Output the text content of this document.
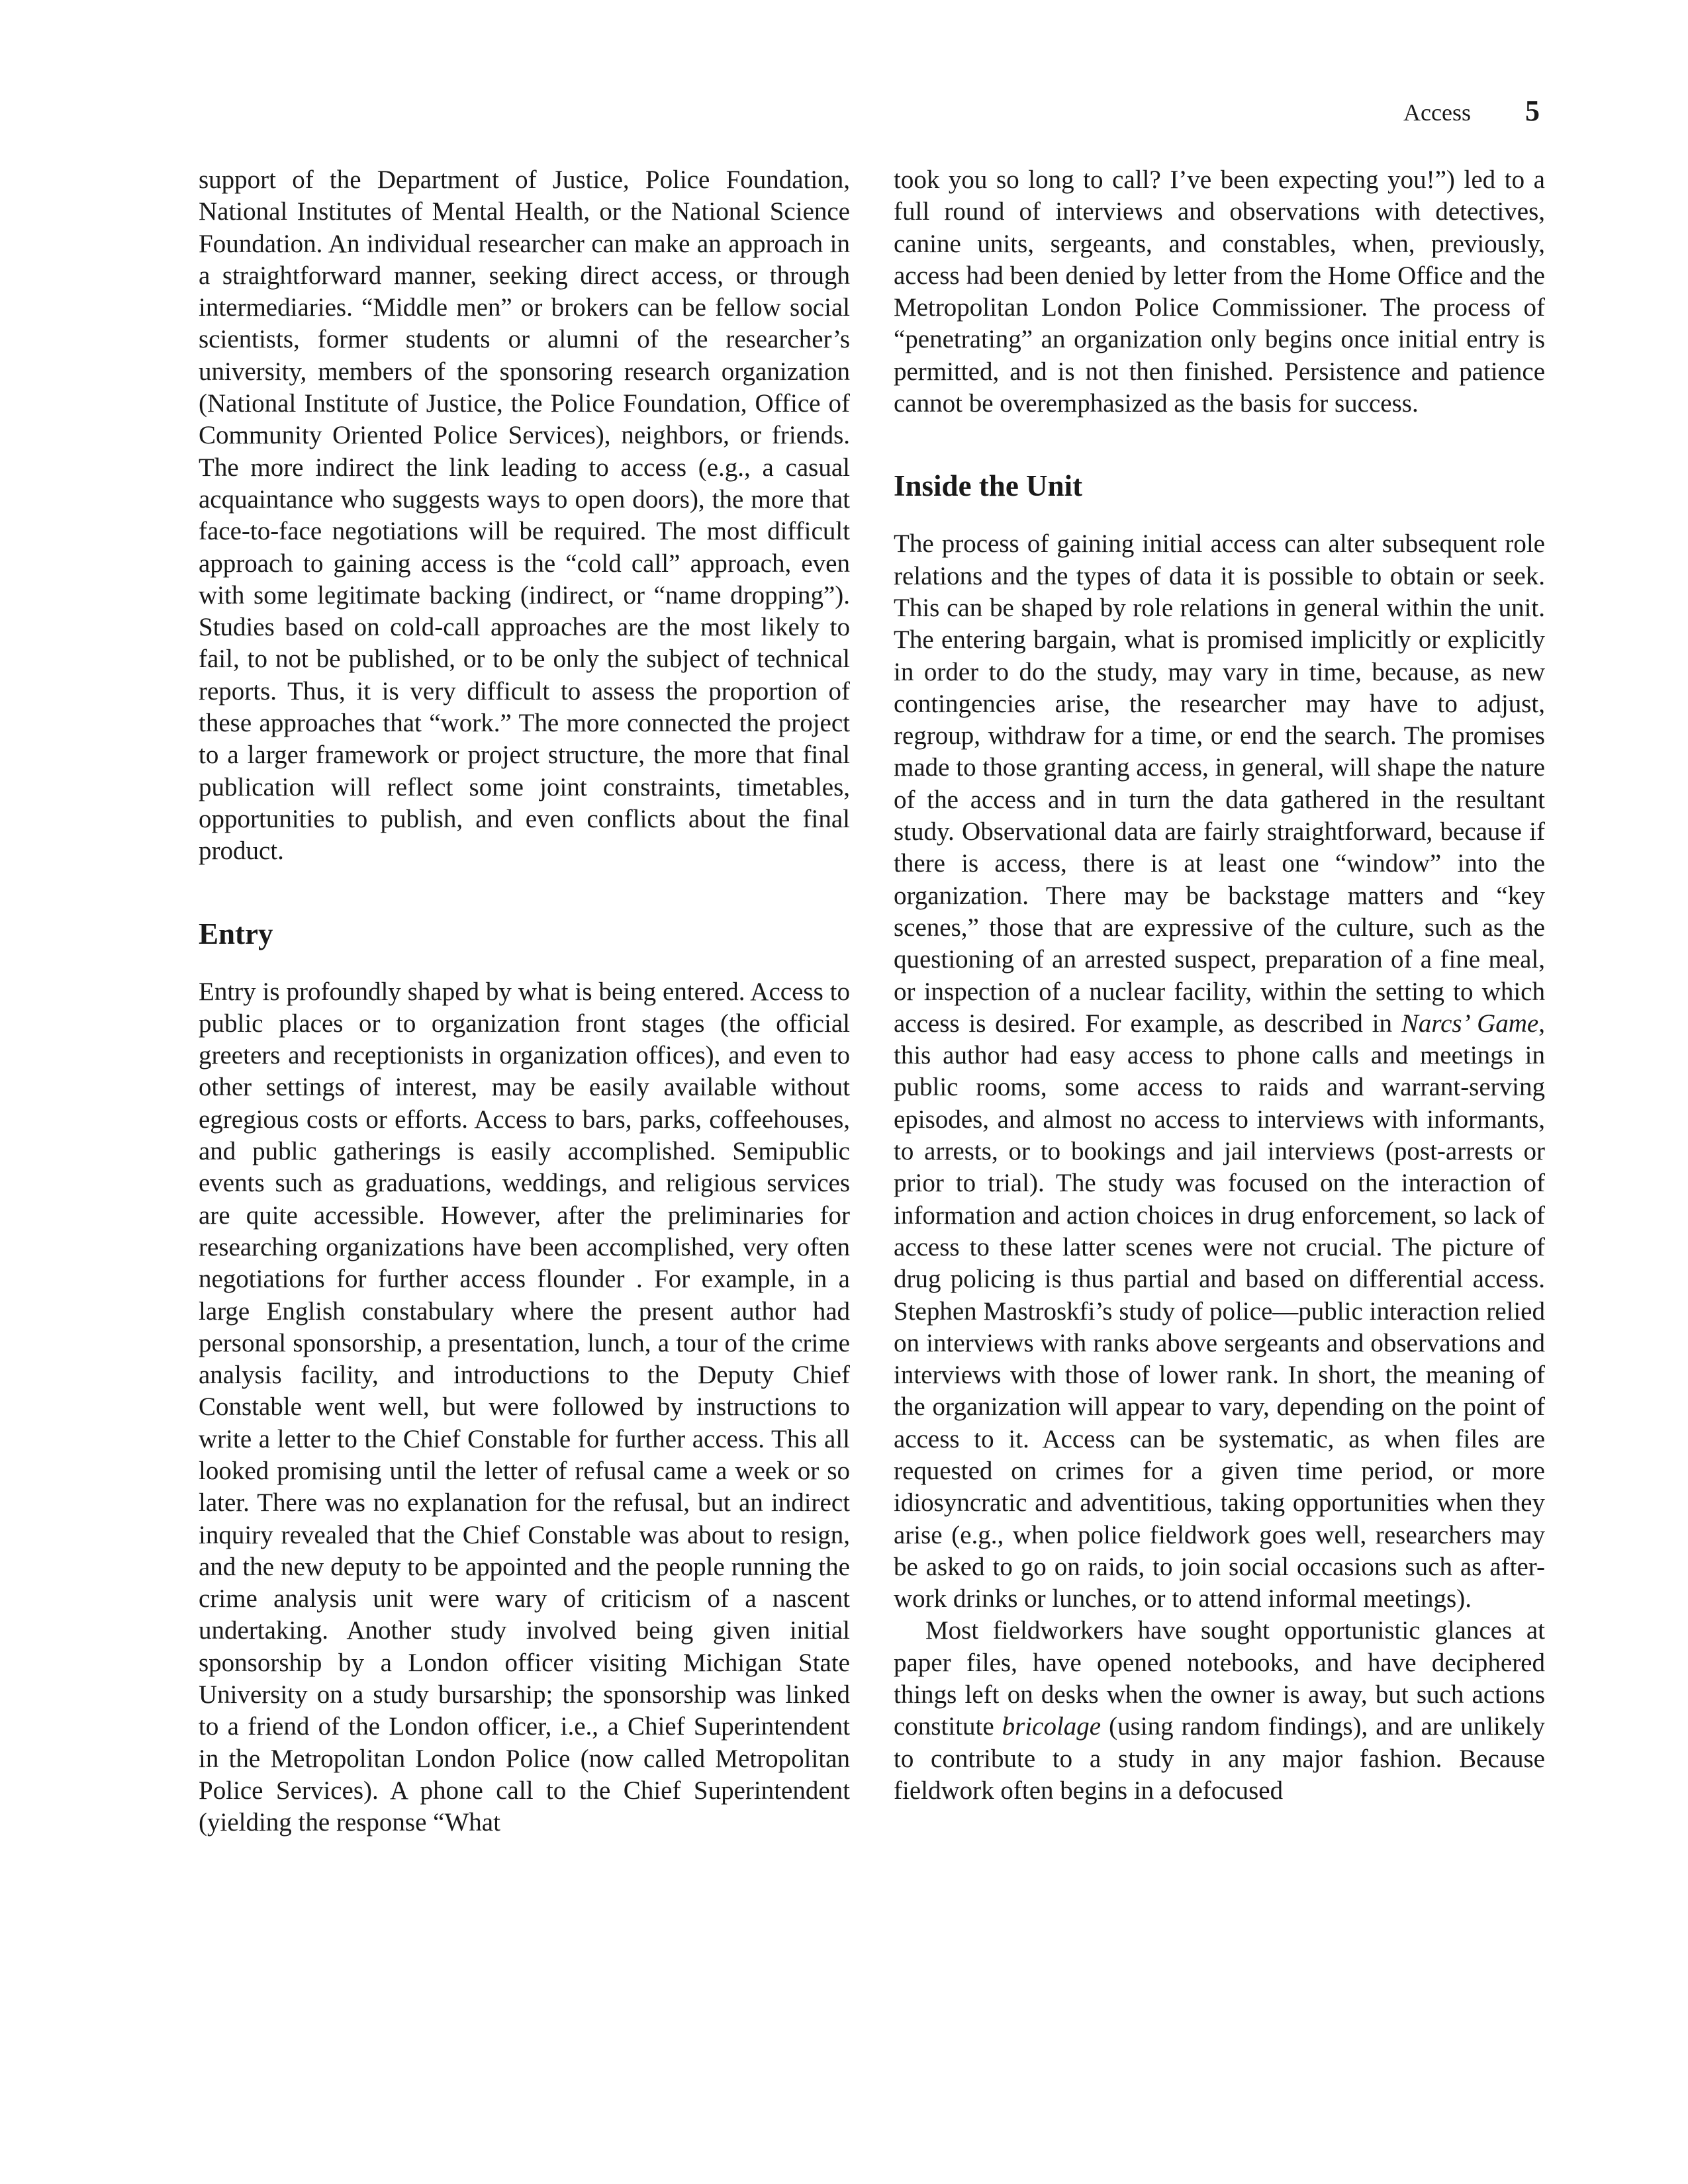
Access 5

support of the Department of Justice, Police Foundation, National Institutes of Mental Health, or the National Science Foundation. An individual researcher can make an approach in a straightforward manner, seeking direct access, or through intermediaries. “Middle men” or brokers can be fellow social scientists, former students or alumni of the researcher’s university, members of the sponsoring research organization (National Institute of Justice, the Police Foundation, Office of Community Oriented Police Services), neighbors, or friends. The more indirect the link leading to access (e.g., a casual acquaintance who suggests ways to open doors), the more that face-to-face negotiations will be required. The most difficult approach to gaining access is the “cold call” approach, even with some legitimate backing (indirect, or “name dropping”). Studies based on cold-call approaches are the most likely to fail, to not be published, or to be only the subject of technical reports. Thus, it is very difficult to assess the proportion of these approaches that “work.” The more connected the project to a larger framework or project structure, the more that final publication will reflect some joint constraints, timetables, opportunities to publish, and even conflicts about the final product.

Entry

Entry is profoundly shaped by what is being entered. Access to public places or to organization front stages (the official greeters and receptionists in organization offices), and even to other settings of interest, may be easily available without egregious costs or efforts. Access to bars, parks, coffeehouses, and public gatherings is easily accomplished. Semipublic events such as graduations, weddings, and religious services are quite accessible. However, after the preliminaries for researching organizations have been accomplished, very often negotiations for further access flounder . For example, in a large English constabulary where the present author had personal sponsorship, a presentation, lunch, a tour of the crime analysis facility, and introductions to the Deputy Chief Constable went well, but were followed by instructions to write a letter to the Chief Constable for further access. This all looked promising until the letter of refusal came a week or so later. There was no explanation for the refusal, but an indirect inquiry revealed that the Chief Constable was about to resign, and the new deputy to be appointed and the people running the crime analysis unit were wary of criticism of a nascent undertaking. Another study involved being given initial sponsorship by a London officer visiting Michigan State University on a study bursarship; the sponsorship was linked to a friend of the London officer, i.e., a Chief Superintendent in the Metropolitan London Police (now called Metropolitan Police Services). A phone call to the Chief Superintendent (yielding the response “What

took you so long to call? I’ve been expecting you!”) led to a full round of interviews and observations with detectives, canine units, sergeants, and constables, when, previously, access had been denied by letter from the Home Office and the Metropolitan London Police Commissioner. The process of “penetrating” an organization only begins once initial entry is permitted, and is not then finished. Persistence and patience cannot be overemphasized as the basis for success.

Inside the Unit

The process of gaining initial access can alter subsequent role relations and the types of data it is possible to obtain or seek. This can be shaped by role relations in general within the unit. The entering bargain, what is promised implicitly or explicitly in order to do the study, may vary in time, because, as new contingencies arise, the researcher may have to adjust, regroup, withdraw for a time, or end the search. The promises made to those granting access, in general, will shape the nature of the access and in turn the data gathered in the resultant study. Observational data are fairly straightforward, because if there is access, there is at least one “window” into the organization. There may be backstage matters and “key scenes,” those that are expressive of the culture, such as the questioning of an arrested suspect, preparation of a fine meal, or inspection of a nuclear facility, within the setting to which access is desired. For example, as described in Narcs’ Game, this author had easy access to phone calls and meetings in public rooms, some access to raids and warrant-serving episodes, and almost no access to interviews with informants, to arrests, or to bookings and jail interviews (post-arrests or prior to trial). The study was focused on the interaction of information and action choices in drug enforcement, so lack of access to these latter scenes were not crucial. The picture of drug policing is thus partial and based on differential access. Stephen Mastroskfi’s study of police—public interaction relied on interviews with ranks above sergeants and observations and interviews with those of lower rank. In short, the meaning of the organization will appear to vary, depending on the point of access to it. Access can be systematic, as when files are requested on crimes for a given time period, or more idiosyncratic and adventitious, taking opportunities when they arise (e.g., when police fieldwork goes well, researchers may be asked to go on raids, to join social occasions such as after-work drinks or lunches, or to attend informal meetings).

Most fieldworkers have sought opportunistic glances at paper files, have opened notebooks, and have deciphered things left on desks when the owner is away, but such actions constitute bricolage (using random findings), and are unlikely to contribute to a study in any major fashion. Because fieldwork often begins in a defocused
